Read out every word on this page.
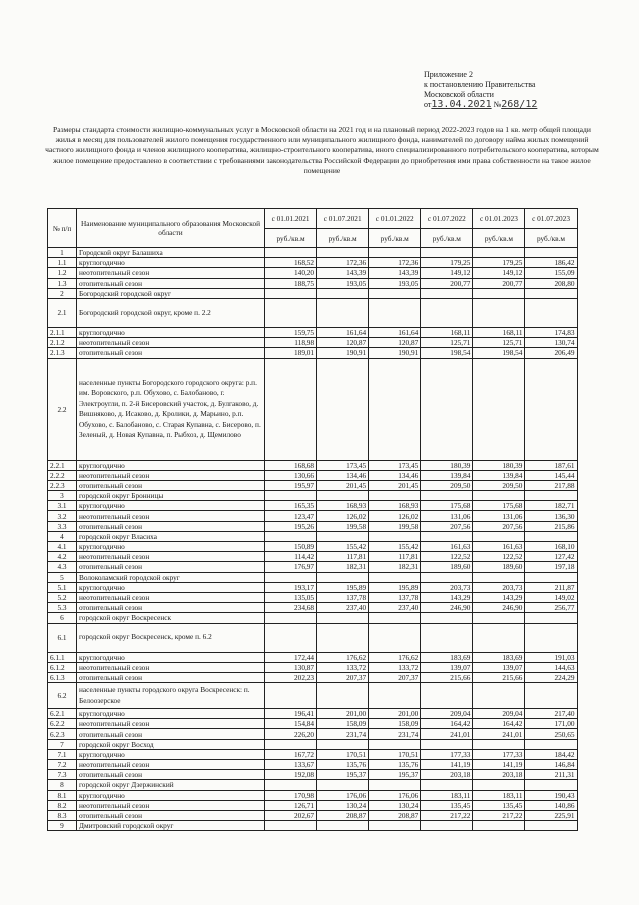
Приложение 2
к постановлению Правительства
Московской области
от13.04.2021 №268/12
Размеры стандарта стоимости жилищно-коммунальных услуг в Московской области на 2021 год и на плановый период 2022-2023 годов на 1 кв. метр общей площади жилья в месяц для пользователей жилого помещения государственного или муниципального жилищного фонда, нанимателей по договору найма жилых помещений частного жилищного фонда и членов жилищного кооператива, жилищно-строительного кооператива, иного специализированного потребительского кооператива, которым жилое помещение предоставлено в соответствии с требованиями законодательства Российской Федерации до приобретения ими права собственности на такое жилое помещение
№ п/п	Наименование муниципального образования Московской области	с 01.01.2021	с 01.07.2021	с 01.01.2022	с 01.07.2022	с 01.01.2023	с 01.07.2023
		руб./кв.м	руб./кв.м	руб./кв.м	руб./кв.м	руб./кв.м	руб./кв.м
1	Городской округ Балашиха						
1.1	круглогодично	168,52	172,36	172,36	179,25	179,25	186,42
1.2	неотопительный сезон	140,20	143,39	143,39	149,12	149,12	155,09
1.3	отопительный сезон	188,75	193,05	193,05	200,77	200,77	208,80
2	Богородский городской округ						
2.1	Богородский городской округ, кроме п. 2.2						
2.1.1	круглогодично	159,75	161,64	161,64	168,11	168,11	174,83
2.1.2	неотопительный сезон	118,98	120,87	120,87	125,71	125,71	130,74
2.1.3	отопительный сезон	189,01	190,91	190,91	198,54	198,54	206,49
2.2	населенные пункты Богородского городского округа: р.п. им. Воровского, р.п. Обухово, с. Балобаново, г. Электроугли, п. 2-й Бисеровский участок, д. Булгаково, д. Вишняково, д. Исаково, д. Кролики, д. Марьино, р.п. Обухово, с. Балобаново, с. Старая Купавна, с. Бисерово, п. Зеленый, д. Новая Купавна, п. Рыбхоз, д. Щемилово						
2.2.1	круглогодично	168,68	173,45	173,45	180,39	180,39	187,61
2.2.2	неотопительный сезон	130,66	134,46	134,46	139,84	139,84	145,44
2.2.3	отопительный сезон	195,97	201,45	201,45	209,50	209,50	217,88
3	городской округ Бронницы						
3.1	круглогодично	165,35	168,93	168,93	175,68	175,68	182,71
3.2	неотопительный сезон	123,47	126,02	126,02	131,06	131,06	136,30
3.3	отопительный сезон	195,26	199,58	199,58	207,56	207,56	215,86
4	городской округ Власиха						
4.1	круглогодично	150,89	155,42	155,42	161,63	161,63	168,10
4.2	неотопительный сезон	114,42	117,81	117,81	122,52	122,52	127,42
4.3	отопительный сезон	176,97	182,31	182,31	189,60	189,60	197,18
5	Волоколамский городской округ						
5.1	круглогодично	193,17	195,89	195,89	203,73	203,73	211,87
5.2	неотопительный сезон	135,05	137,78	137,78	143,29	143,29	149,02
5.3	отопительный сезон	234,68	237,40	237,40	246,90	246,90	256,77
6	городской округ Воскресенск						
6.1	городской округ Воскресенск, кроме п. 6.2						
6.1.1	круглогодично	172,44	176,62	176,62	183,69	183,69	191,03
6.1.2	неотопительный сезон	130,87	133,72	133,72	139,07	139,07	144,63
6.1.3	отопительный сезон	202,23	207,37	207,37	215,66	215,66	224,29
6.2	населенные пункты городского округа Воскресенск: п. Белоозерское						
6.2.1	круглогодично	196,41	201,00	201,00	209,04	209,04	217,40
6.2.2	неотопительный сезон	154,84	158,09	158,09	164,42	164,42	171,00
6.2.3	отопительный сезон	226,20	231,74	231,74	241,01	241,01	250,65
7	городской округ Восход						
7.1	круглогодично	167,72	170,51	170,51	177,33	177,33	184,42
7.2	неотопительный сезон	133,67	135,76	135,76	141,19	141,19	146,84
7.3	отопительный сезон	192,08	195,37	195,37	203,18	203,18	211,31
8	городской округ Дзержинский						
8.1	круглогодично	170,98	176,06	176,06	183,11	183,11	190,43
8.2	неотопительный сезон	126,71	130,24	130,24	135,45	135,45	140,86
8.3	отопительный сезон	202,67	208,87	208,87	217,22	217,22	225,91
9	Дмитровский городской округ						
